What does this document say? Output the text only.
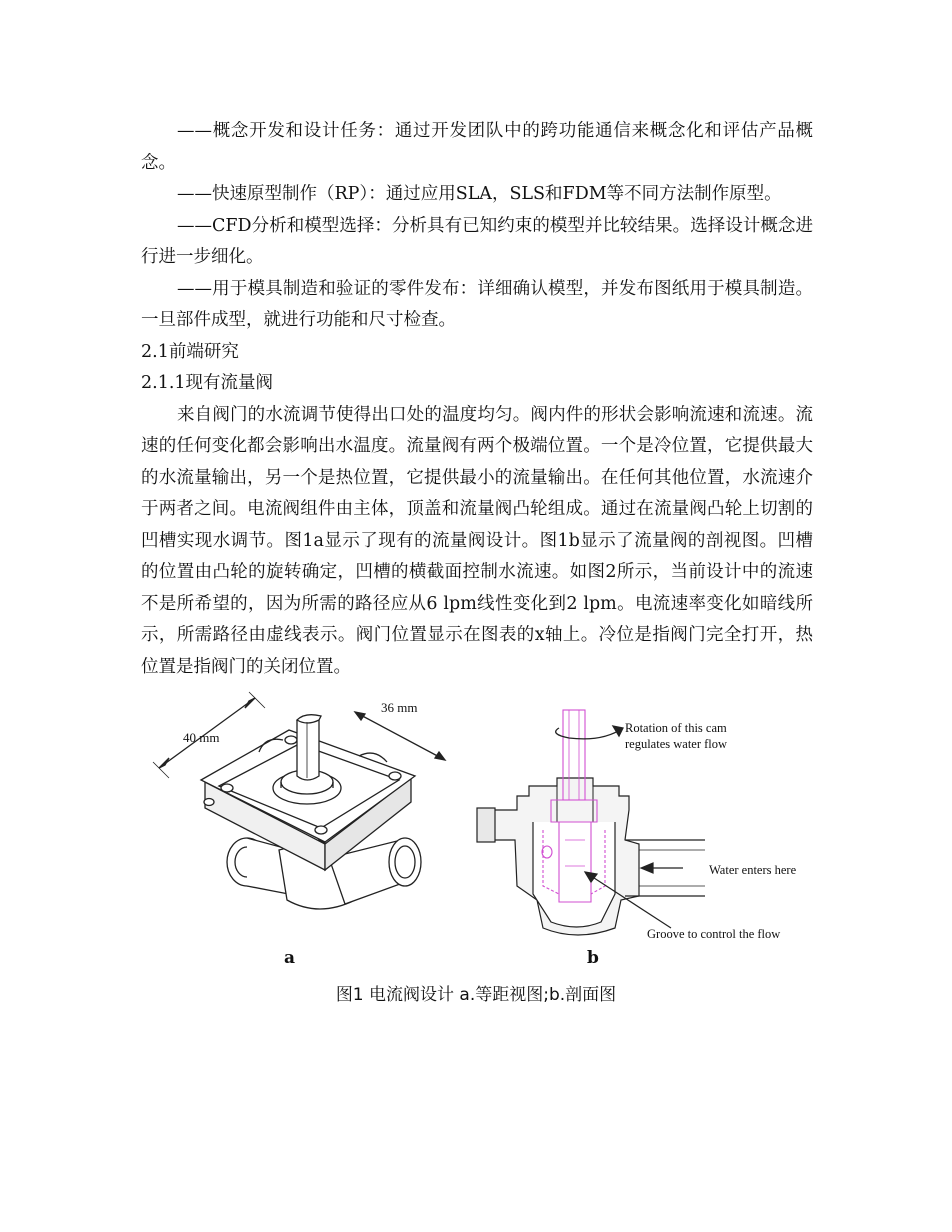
——概念开发和设计任务：通过开发团队中的跨功能通信来概念化和评估产品概念。

——快速原型制作（RP）：通过应用SLA，SLS和FDM等不同方法制作原型。

——CFD分析和模型选择：分析具有已知约束的模型并比较结果。选择设计概念进行进一步细化。

——用于模具制造和验证的零件发布：详细确认模型，并发布图纸用于模具制造。一旦部件成型，就进行功能和尺寸检查。

2.1前端研究

2.1.1现有流量阀

来自阀门的水流调节使得出口处的温度均匀。阀内件的形状会影响流速和流速。流速的任何变化都会影响出水温度。流量阀有两个极端位置。一个是冷位置，它提供最大的水流量输出，另一个是热位置，它提供最小的流量输出。在任何其他位置，水流速介于两者之间。电流阀组件由主体，顶盖和流量阀凸轮组成。通过在流量阀凸轮上切割的凹槽实现水调节。图1a显示了现有的流量阀设计。图1b显示了流量阀的剖视图。凹槽的位置由凸轮的旋转确定，凹槽的横截面控制水流速。如图2所示，当前设计中的流速不是所希望的，因为所需的路径应从6 lpm线性变化到2 lpm。电流速率变化如暗线所示，所需路径由虚线表示。阀门位置显示在图表的x轴上。冷位是指阀门完全打开，热位置是指阀门的关闭位置。

40 mm
36 mm
a
Rotation of this cam
regulates water flow
Water enters here
Groove to control the flow
b
图1 电流阀设计 a.等距视图;b.剖面图
